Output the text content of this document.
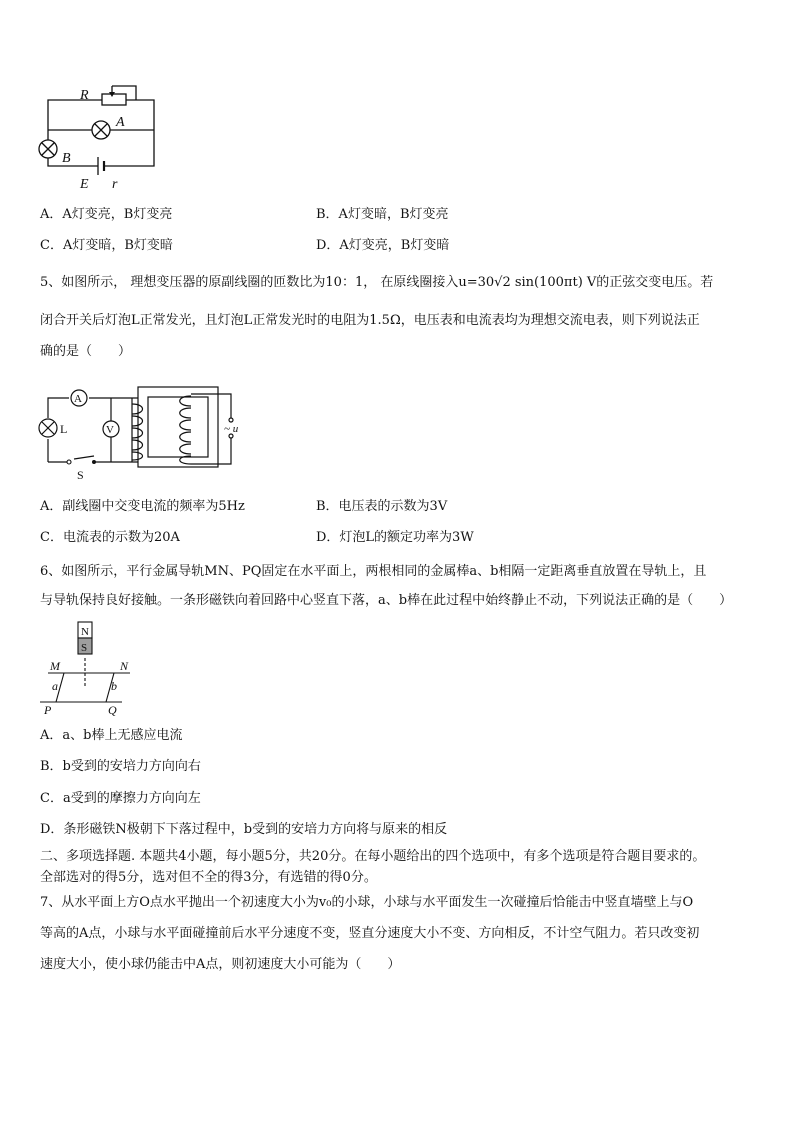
R
A
B
E r
A．A灯变亮，B灯变亮	B．A灯变暗，B灯变亮
C．A灯变暗，B灯变暗	D．A灯变亮，B灯变暗
5、如图所示， 理想变压器的原副线圈的匝数比为10：1， 在原线圈接入u=30√2 sin(100πt) V的正弦交变电压。若
闭合开关后灯泡L正常发光，且灯泡L正常发光时的电阻为1.5Ω，电压表和电流表均为理想交流电表，则下列说法正
确的是（　　）
A
V
L
S
~ u
A．副线圈中交变电流的频率为5Hz	B．电压表的示数为3V
C．电流表的示数为20A	D．灯泡L的额定功率为3W
6、如图所示，平行金属导轨MN、PQ固定在水平面上，两根相同的金属棒a、b相隔一定距离垂直放置在导轨上，且
与导轨保持良好接触。一条形磁铁向着回路中心竖直下落，a、b棒在此过程中始终静止不动，下列说法正确的是（　　）
N
S
M	N
a	b
P	Q
A．a、b棒上无感应电流
B．b受到的安培力方向向右
C．a受到的摩擦力方向向左
D．条形磁铁N极朝下下落过程中，b受到的安培力方向将与原来的相反
二、多项选择题. 本题共4小题，每小题5分，共20分。在每小题给出的四个选项中，有多个选项是符合题目要求的。
全部选对的得5分，选对但不全的得3分，有选错的得0分。
7、从水平面上方O点水平抛出一个初速度大小为v₀的小球，小球与水平面发生一次碰撞后恰能击中竖直墙壁上与O
等高的A点，小球与水平面碰撞前后水平分速度不变，竖直分速度大小不变、方向相反，不计空气阻力。若只改变初
速度大小，使小球仍能击中A点，则初速度大小可能为（　　）
